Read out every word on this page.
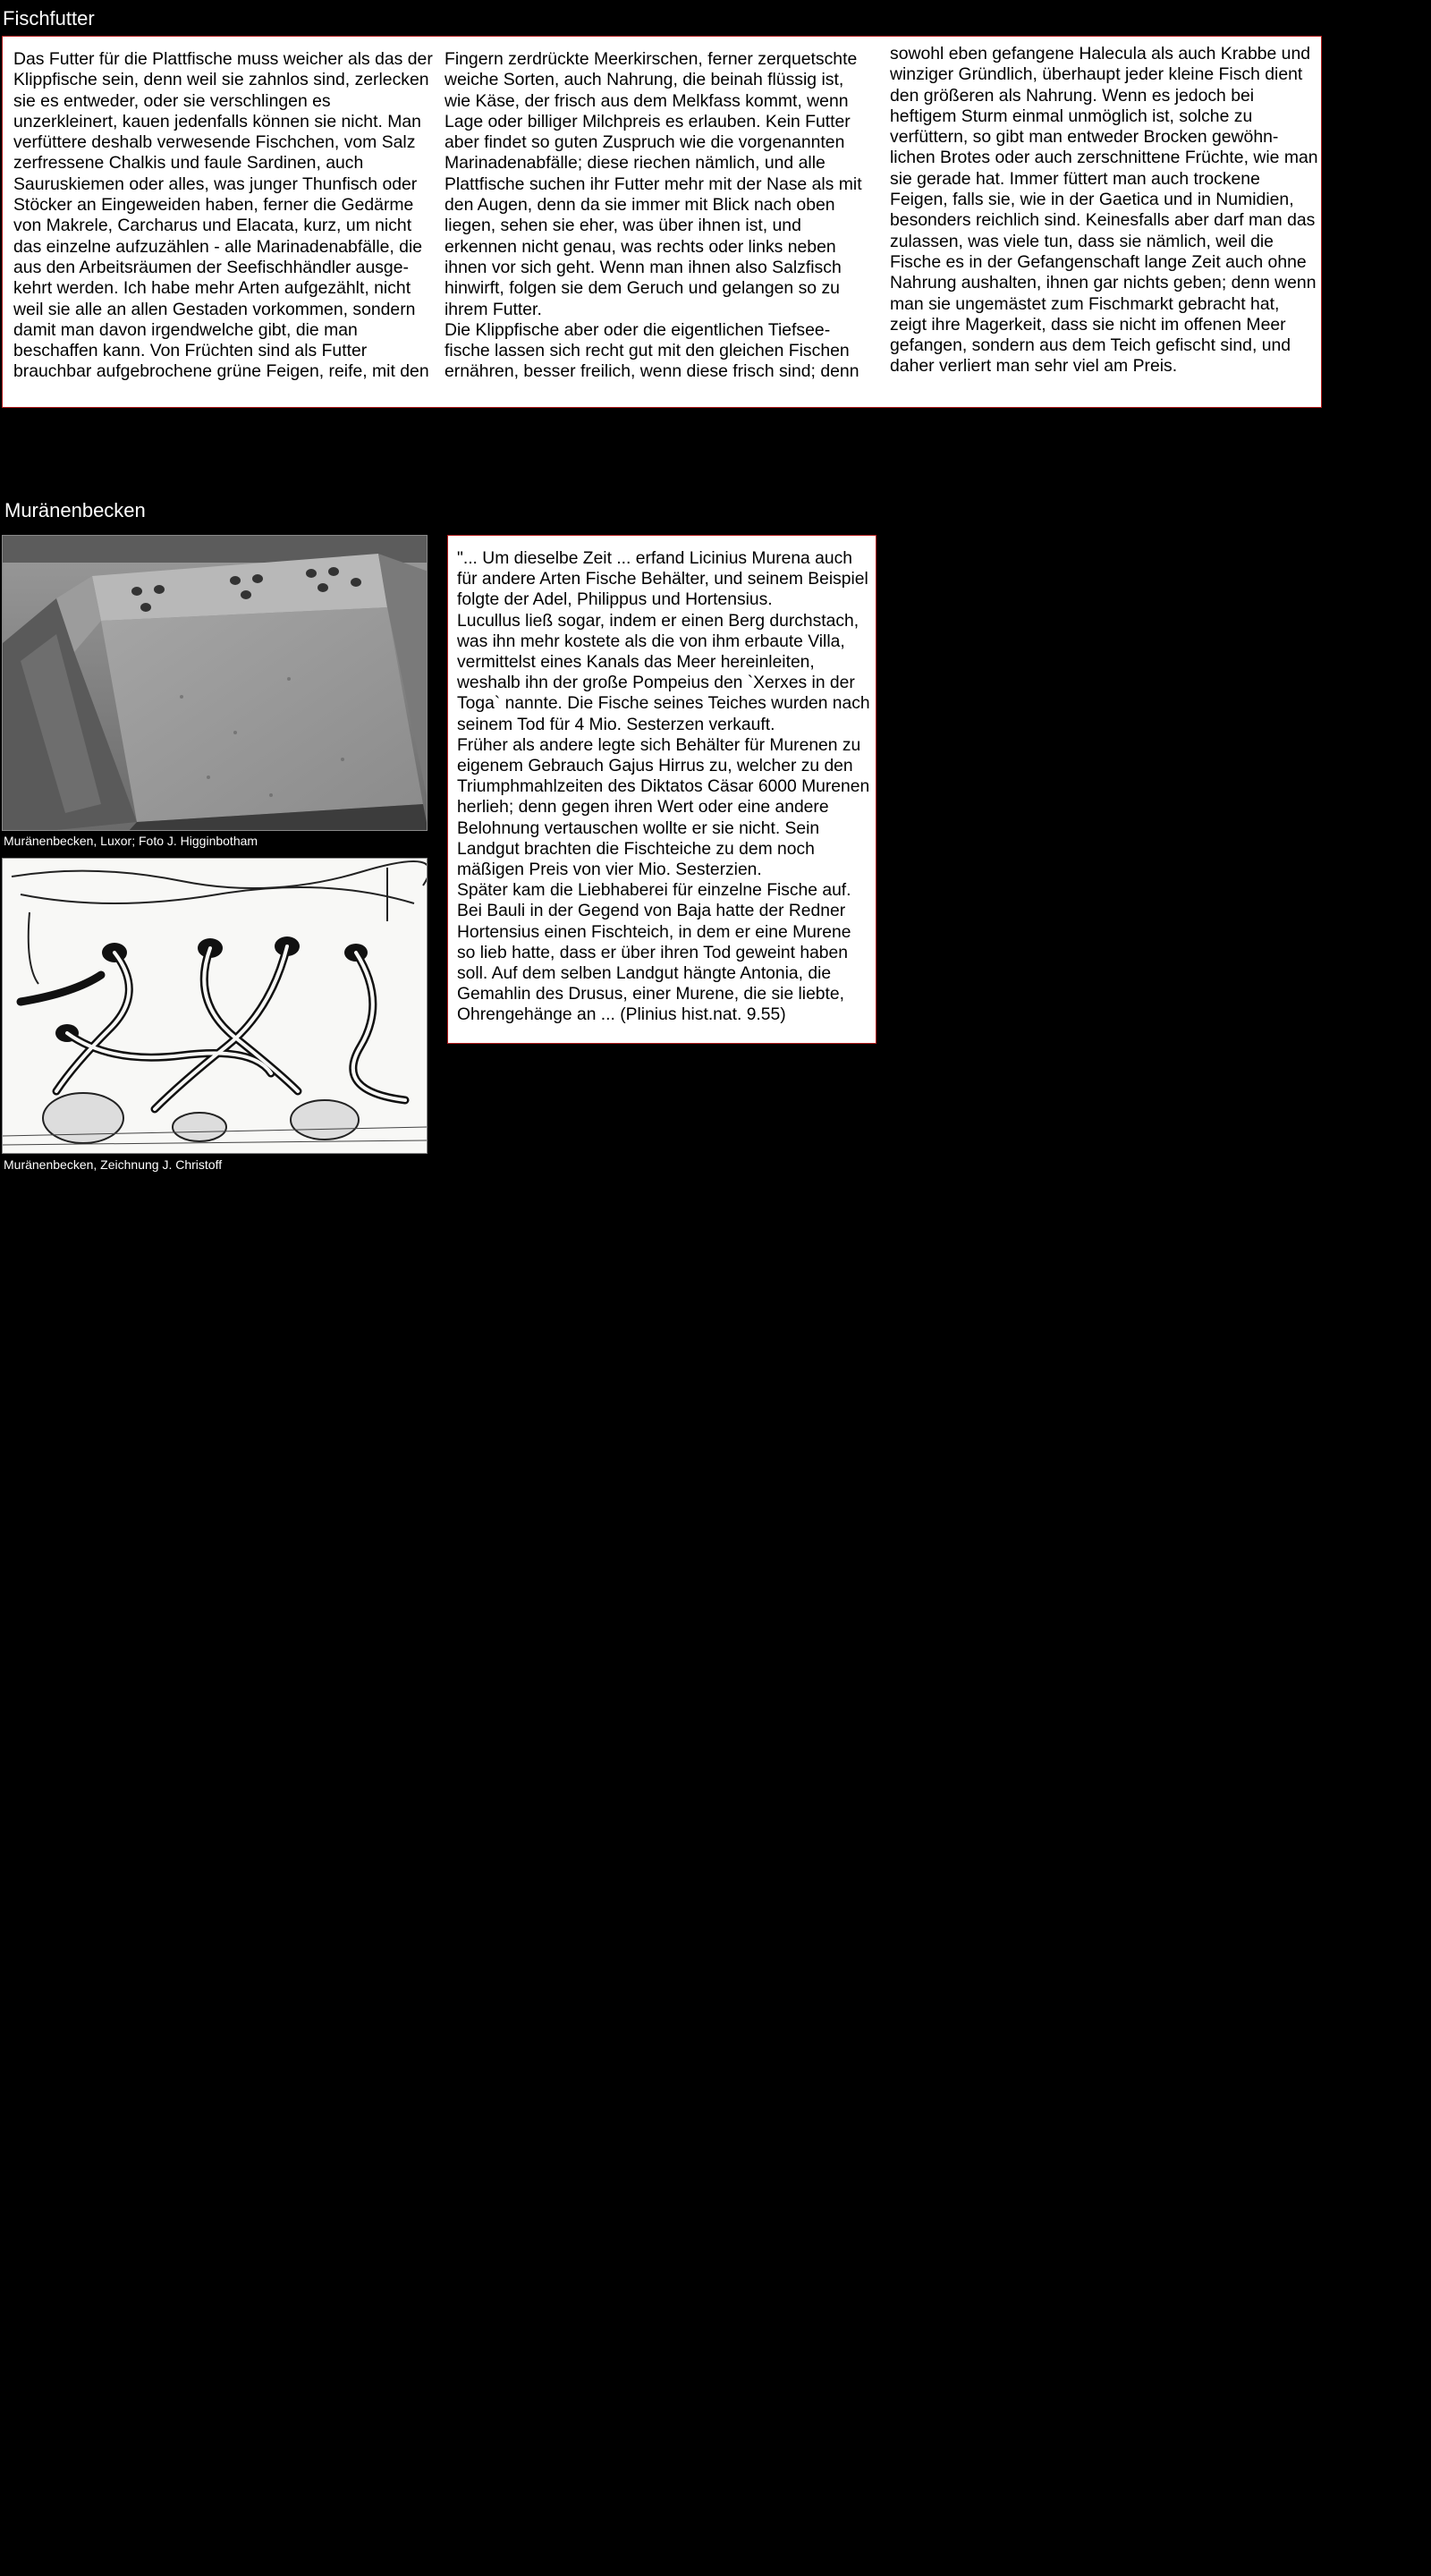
Fischfutter
Das Futter für die Plattfische muss weicher als das der Klippfische sein, denn weil sie zahnlos sind, zerlecken sie es entweder, oder sie verschlingen es unzerkleinert, kauen jedenfalls können sie nicht. Man verfüttere deshalb verwesende Fischchen, vom Salz zerfressene Chalkis und faule Sardinen, auch Sauruskiemen oder alles, was junger Thunfisch oder Stöcker an Eingeweiden haben, ferner die Gedärme von Makrele, Carcharus und Elacata, kurz, um nicht das einzelne aufzuzählen - alle Marinadenabfälle, die aus den Arbeitsräumen der Seefischhändler ausge-kehrt werden. Ich habe mehr Arten aufgezählt, nicht weil sie alle an allen Gestaden vorkommen, sondern damit man davon irgendwelche gibt, die man beschaffen kann. Von Früchten sind als Futter brauchbar aufgebrochene grüne Feigen, reife, mit den
Fingern zerdrückte Meerkirschen, ferner zerquetschte weiche Sorten, auch Nahrung, die beinah flüssig ist, wie Käse, der frisch aus dem Melkfass kommt, wenn Lage oder billiger Milchpreis es erlauben. Kein Futter aber findet so guten Zuspruch wie die vorgenannten Marinadenabfälle; diese riechen nämlich, und alle Plattfische suchen ihr Futter mehr mit der Nase als mit den Augen, denn da sie immer mit Blick nach oben liegen, sehen sie eher, was über ihnen ist, und erkennen nicht genau, was rechts oder links neben ihnen vor sich geht. Wenn man ihnen also Salzfisch hinwirft, folgen sie dem Geruch und gelangen so zu ihrem Futter.
Die Klippfische aber oder die eigentlichen Tiefsee-fische lassen sich recht gut mit den gleichen Fischen ernähren, besser freilich, wenn diese frisch sind; denn
sowohl eben gefangene Halecula als auch Krabbe und winziger Gründlich, überhaupt jeder kleine Fisch dient den größeren als Nahrung. Wenn es jedoch bei heftigem Sturm einmal unmöglich ist, solche zu verfüttern, so gibt man entweder Brocken gewöhn-lichen Brotes oder auch zerschnittene Früchte, wie man sie gerade hat. Immer füttert man auch trockene Feigen, falls sie, wie in der Gaetica und in Numidien, besonders reichlich sind. Keinesfalls aber darf man das zulassen, was viele tun, dass sie nämlich, weil die Fische es in der Gefangenschaft lange Zeit auch ohne Nahrung aushalten, ihnen gar nichts geben; denn wenn man sie ungemästet zum Fischmarkt gebracht hat, zeigt ihre Magerkeit, dass sie nicht im offenen Meer gefangen, sondern aus dem Teich gefischt sind, und daher verliert man sehr viel am Preis.
Muränenbecken
Muränenbecken, Luxor; Foto J. Higginbotham
Muränenbecken, Zeichnung J. Christoff
"... Um dieselbe Zeit ... erfand Licinius Murena auch für andere Arten Fische Behälter, und seinem Beispiel folgte der Adel, Philippus und Hortensius.
Lucullus ließ sogar, indem er einen Berg durchstach, was ihn mehr kostete als die von ihm erbaute Villa, vermittelst eines Kanals das Meer hereinleiten, weshalb ihn der große Pompeius den `Xerxes in der Toga` nannte. Die Fische seines Teiches wurden nach seinem Tod für 4 Mio. Sesterzen verkauft.
Früher als andere legte sich Behälter für Murenen zu eigenem Gebrauch Gajus Hirrus zu, welcher zu den Triumphmahlzeiten des Diktatos Cäsar 6000 Murenen herlieh; denn gegen ihren Wert oder eine andere Belohnung vertauschen wollte er sie nicht. Sein Landgut brachten die Fischteiche zu dem noch mäßigen Preis von vier Mio. Sesterzien.
Später kam die Liebhaberei für einzelne Fische auf. Bei Bauli in der Gegend von Baja hatte der Redner Hortensius einen Fischteich, in dem er eine Murene so lieb hatte, dass er über ihren Tod geweint haben soll. Auf dem selben Landgut hängte Antonia, die Gemahlin des Drusus, einer Murene, die sie liebte, Ohrengehänge an ... (Plinius hist.nat. 9.55)
